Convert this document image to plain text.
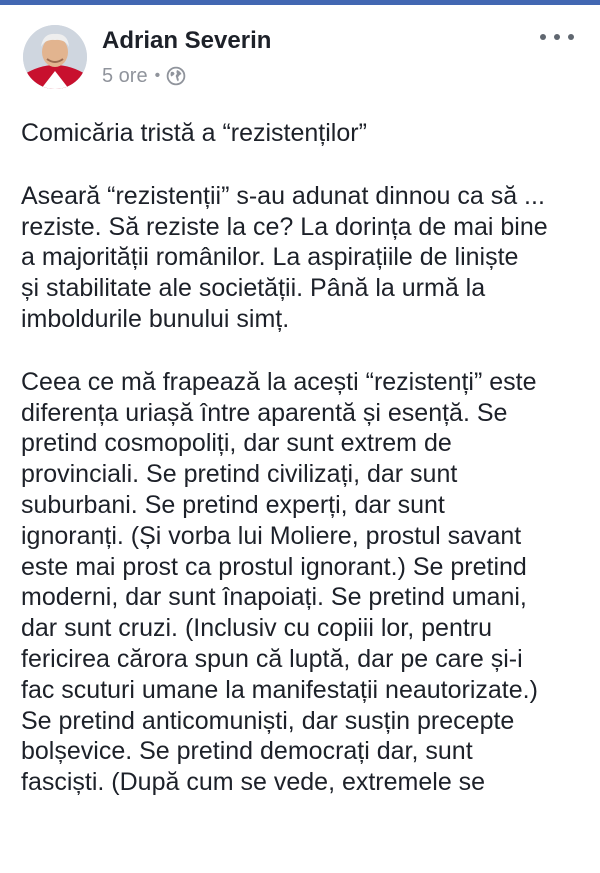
Adrian Severin
5 ore •

Comicăria tristă a “rezistenților”

Aseară “rezistenții” s-au adunat dinnou ca să ...
reziste. Să reziste la ce? La dorința de mai bine
a majorității românilor. La aspirațiile de liniște
și stabilitate ale societății. Până la urmă la
imboldurile bunului simț.

Ceea ce mă frapează la acești “rezistenți” este
diferența uriașă între aparentă și esență. Se
pretind cosmopoliți, dar sunt extrem de
provinciali. Se pretind civilizați, dar sunt
suburbani. Se pretind experți, dar sunt
ignoranți. (Și vorba lui Moliere, prostul savant
este mai prost ca prostul ignorant.) Se pretind
moderni, dar sunt înapoiați. Se pretind umani,
dar sunt cruzi. (Inclusiv cu copiii lor, pentru
fericirea cărora spun că luptă, dar pe care și-i
fac scuturi umane la manifestații neautorizate.)
Se pretind anticomuniști, dar susțin precepte
bolșevice. Se pretind democrați dar, sunt
fasciști. (După cum se vede, extremele se
